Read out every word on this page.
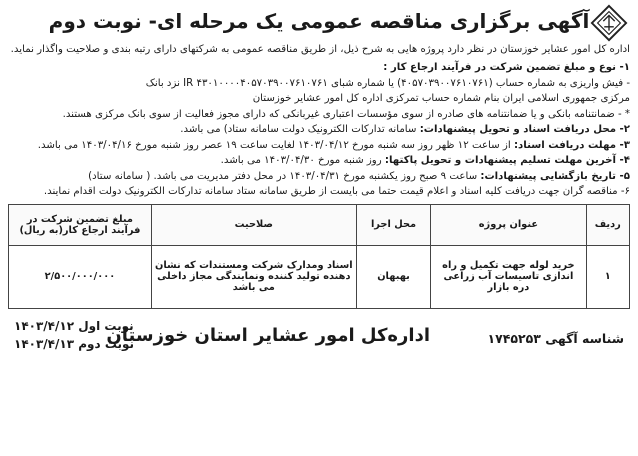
آگهی برگزاری مناقصه عمومی یک مرحله ای- نوبت دوم
اداره کل امور عشایر خوزستان در نظر دارد پروژه هایی به شرح ذیل، از طریق مناقصه عمومی به شرکتهای دارای رتبه بندی و صلاحیت واگذار نماید.
۱- نوع و مبلغ تضمین شرکت در فرآیند ارجاع کار :
- فیش واریزی به شماره حساب (۴۰۵۷۰۳۹۰۰۷۶۱۰۷۶۱) یا شماره شبای IR ۴۳۰۱۰۰۰۰۴۰۵۷۰۳۹۰۰۷۶۱۰۷۶۱ نزد بانک
مرکزی جمهوری اسلامی ایران بنام شماره حساب تمرکزی اداره کل امور عشایر خوزستان
* - ضمانتنامه بانکی و یا ضمانتنامه های صادره از سوی مؤسسات اعتباری غیربانکی که دارای مجوز فعالیت از سوی بانک مرکزی هستند.
۲- محل دریافت اسناد و تحویل پیشنهادات: سامانه تدارکات الکترونیک دولت سامانه ستاد) می باشد.
۳- مهلت دریافت اسناد: از ساعت ۱۲ ظهر روز سه شنبه مورخ ۱۴۰۳/۰۴/۱۲ لغایت ساعت ۱۹ عصر روز شنبه مورخ ۱۴۰۳/۰۴/۱۶ می باشد.
۴- آخرین مهلت تسلیم پیشنهادات و تحویل پاکتها: روز شنبه مورخ ۱۴۰۳/۰۴/۳۰ می باشد.
۵- تاریخ بازگشایی پیشنهادات: ساعت ۹ صبح روز یکشنبه مورخ ۱۴۰۳/۰۴/۳۱ در محل دفتر مدیریت می باشد. ( سامانه ستاد)
۶- مناقصه گران جهت دریافت کلیه اسناد و اعلام قیمت حتما می بایست از طریق سامانه ستاد سامانه تدارکات الکترونیک دولت اقدام نمایند.
ردیف	عنوان پروژه	محل اجرا	صلاحیت	مبلغ تضمین شرکت در فرآیند ارجاع کار(به ریال)
۱	خرید لوله جهت تکمیل و راه اندازی تاسیسات آب زراعی دره بازار	بهبهان	اسناد ومدارک شرکت ومستندات که نشان دهنده تولید کننده ونمایندگی مجاز داخلی می باشد	۲/۵۰۰/۰۰۰/۰۰۰
شناسه آگهی ۱۷۴۵۲۵۳
اداره‌کل امور عشایر استان خوزستان
نوبت اول ۱۴۰۳/۴/۱۲
نوبت دوم ۱۴۰۳/۴/۱۳
